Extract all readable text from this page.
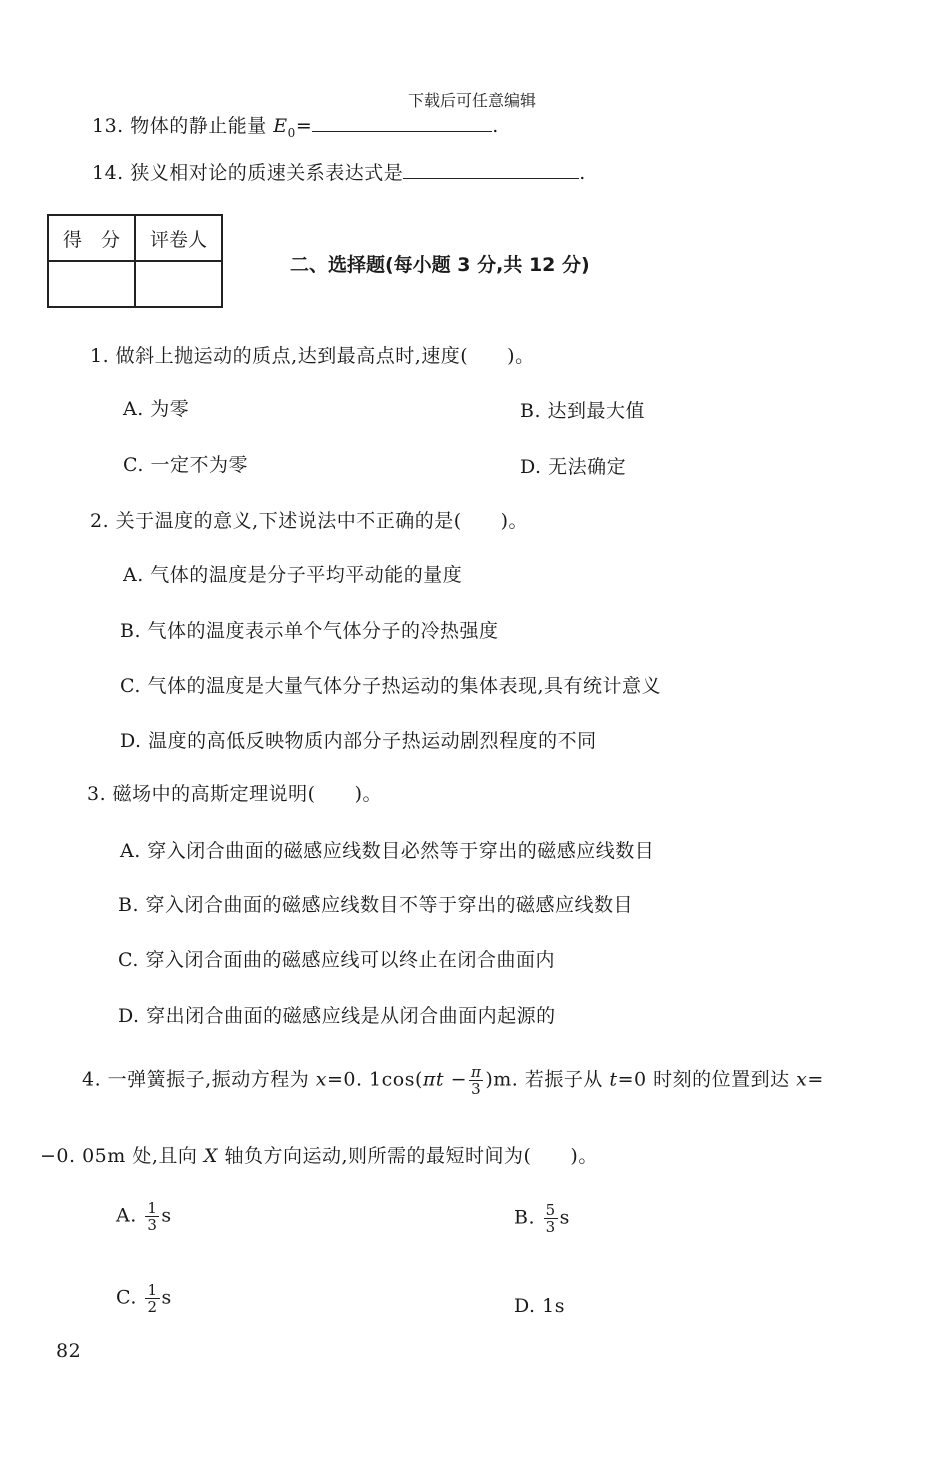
下载后可任意编辑
13. 物体的静止能量 $E_0=$	.
14. 狭义相对论的质速关系表达式是	.
得　分	评卷人

二、选择题(每小题 3 分,共 12 分)
1. 做斜上抛运动的质点,达到最高点时,速度(　　)。
A. 为零	B. 达到最大值
C. 一定不为零	D. 无法确定
2. 关于温度的意义,下述说法中不正确的是(　　)。
A. 气体的温度是分子平均平动能的量度
B. 气体的温度表示单个气体分子的冷热强度
C. 气体的温度是大量气体分子热运动的集体表现,具有统计意义
D. 温度的高低反映物质内部分子热运动剧烈程度的不同
3. 磁场中的高斯定理说明(　　)。
A. 穿入闭合曲面的磁感应线数目必然等于穿出的磁感应线数目
B. 穿入闭合曲面的磁感应线数目不等于穿出的磁感应线数目
C. 穿入闭合面曲的磁感应线可以终止在闭合曲面内
D. 穿出闭合曲面的磁感应线是从闭合曲面内起源的
4. 一弹簧振子,振动方程为 x=0. $1\cos(\pi t - \frac{\pi}{3} )m$. 若振子从 t=0 时刻的位置到达 x=
−0. 05m 处,且向 X 轴负方向运动,则所需的最短时间为(　　)。
A. $\frac{1}{3}$ s	B. $\frac{5}{3}$ s
C. $\frac{1}{2}$ s	D. 1s
82
